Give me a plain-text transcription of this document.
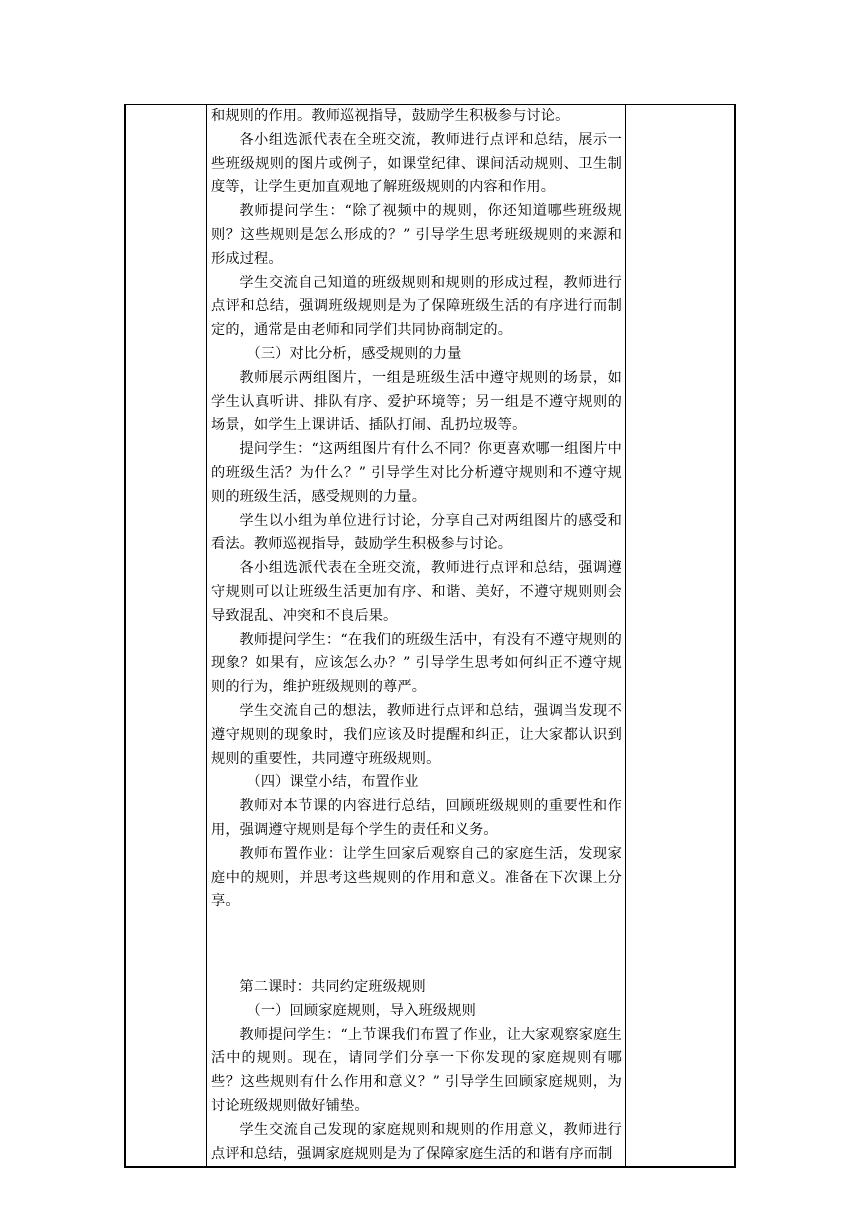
和规则的作用。教师巡视指导，鼓励学生积极参与讨论。

各小组选派代表在全班交流，教师进行点评和总结，展示一些班级规则的图片或例子，如课堂纪律、课间活动规则、卫生制度等，让学生更加直观地了解班级规则的内容和作用。

教师提问学生：“除了视频中的规则，你还知道哪些班级规则？这些规则是怎么形成的？” 引导学生思考班级规则的来源和形成过程。

学生交流自己知道的班级规则和规则的形成过程，教师进行点评和总结，强调班级规则是为了保障班级生活的有序进行而制定的，通常是由老师和同学们共同协商制定的。

（三）对比分析，感受规则的力量

教师展示两组图片，一组是班级生活中遵守规则的场景，如学生认真听讲、排队有序、爱护环境等；另一组是不遵守规则的场景，如学生上课讲话、插队打闹、乱扔垃圾等。

提问学生：“这两组图片有什么不同？你更喜欢哪一组图片中的班级生活？为什么？” 引导学生对比分析遵守规则和不遵守规则的班级生活，感受规则的力量。

学生以小组为单位进行讨论，分享自己对两组图片的感受和看法。教师巡视指导，鼓励学生积极参与讨论。

各小组选派代表在全班交流，教师进行点评和总结，强调遵守规则可以让班级生活更加有序、和谐、美好，不遵守规则则会导致混乱、冲突和不良后果。

教师提问学生：“在我们的班级生活中，有没有不遵守规则的现象？如果有，应该怎么办？” 引导学生思考如何纠正不遵守规则的行为，维护班级规则的尊严。

学生交流自己的想法，教师进行点评和总结，强调当发现不遵守规则的现象时，我们应该及时提醒和纠正，让大家都认识到规则的重要性，共同遵守班级规则。

（四）课堂小结，布置作业

教师对本节课的内容进行总结，回顾班级规则的重要性和作用，强调遵守规则是每个学生的责任和义务。

教师布置作业：让学生回家后观察自己的家庭生活，发现家庭中的规则，并思考这些规则的作用和意义。准备在下次课上分享。

第二课时：共同约定班级规则

（一）回顾家庭规则，导入班级规则

教师提问学生：“上节课我们布置了作业，让大家观察家庭生活中的规则。现在，请同学们分享一下你发现的家庭规则有哪些？这些规则有什么作用和意义？” 引导学生回顾家庭规则，为讨论班级规则做好铺垫。

学生交流自己发现的家庭规则和规则的作用意义，教师进行点评和总结，强调家庭规则是为了保障家庭生活的和谐有序而制
